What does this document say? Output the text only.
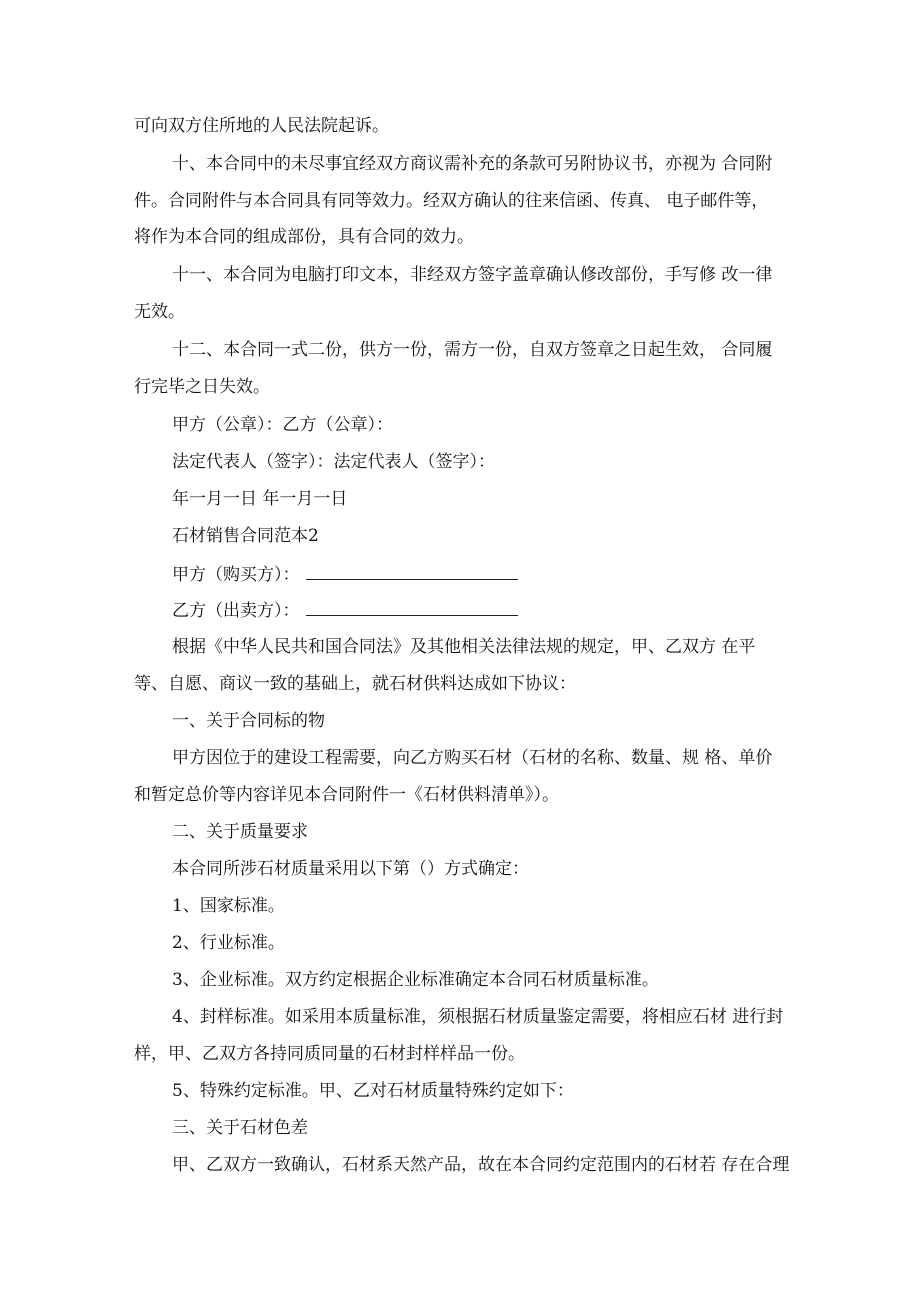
可向双方住所地的人民法院起诉。
十、本合同中的未尽事宜经双方商议需补充的条款可另附协议书，亦视为 合同附
件。合同附件与本合同具有同等效力。经双方确认的往来信函、传真、 电子邮件等，
将作为本合同的组成部份，具有合同的效力。
十一、本合同为电脑打印文本，非经双方签字盖章确认修改部份，手写修 改一律
无效。
十二、本合同一式二份，供方一份，需方一份，自双方签章之日起生效， 合同履
行完毕之日失效。
甲方（公章）：乙方（公章）：
法定代表人（签字）：法定代表人（签字）：
年一月一日 年一月一日
石材销售合同范本2
甲方（购买方）：
乙方（出卖方）：
根据《中华人民共和国合同法》及其他相关法律法规的规定，甲、乙双方 在平
等、自愿、商议一致的基础上，就石材供料达成如下协议：
一、关于合同标的物
甲方因位于的建设工程需要，向乙方购买石材（石材的名称、数量、规 格、单价
和暂定总价等内容详见本合同附件一《石材供料清单》）。
二、关于质量要求
本合同所涉石材质量采用以下第（）方式确定：
1、国家标准。
2、行业标准。
3、企业标准。双方约定根据企业标准确定本合同石材质量标准。
4、封样标准。如采用本质量标准，须根据石材质量鉴定需要，将相应石材 进行封
样，甲、乙双方各持同质同量的石材封样样品一份。
5、特殊约定标准。甲、乙对石材质量特殊约定如下：
三、关于石材色差
甲、乙双方一致确认，石材系天然产品，故在本合同约定范围内的石材若 存在合理
